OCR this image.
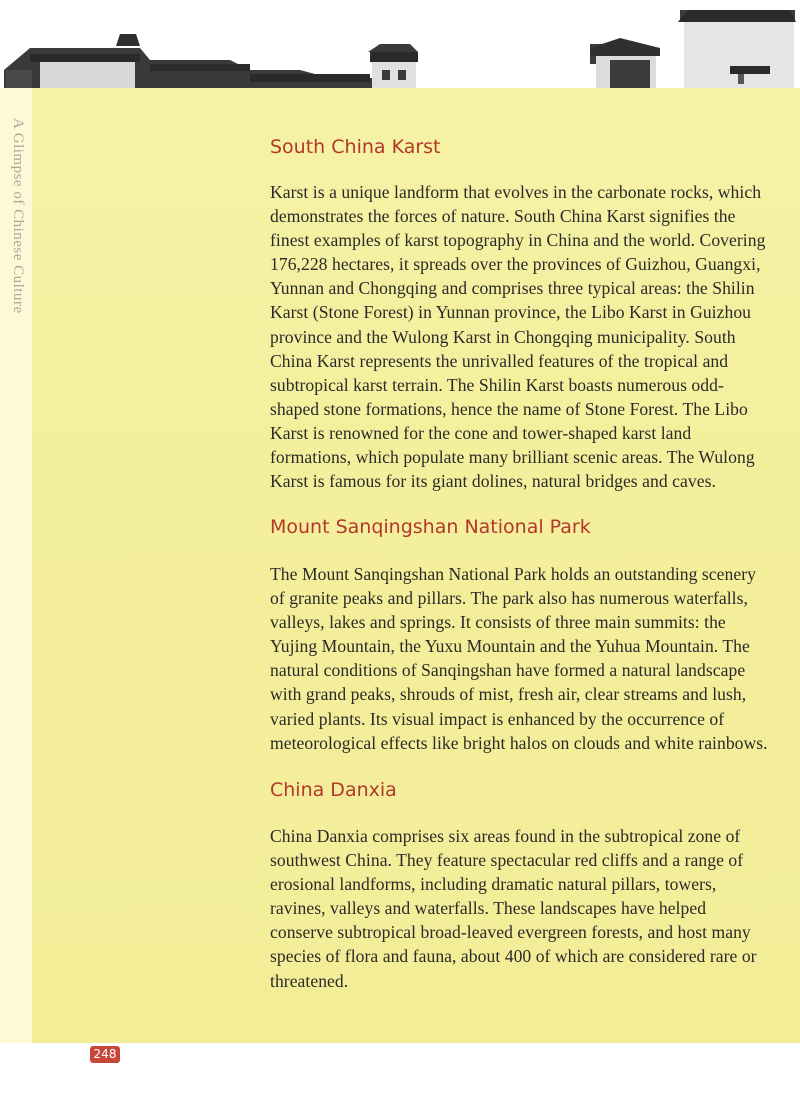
A Glimpse of Chinese Culture	South China Karst

Karst is a unique landform that evolves in the carbonate rocks, which demonstrates the forces of nature. South China Karst signifies the finest examples of karst topography in China and the world. Covering 176,228 hectares, it spreads over the provinces of Guizhou, Guangxi, Yunnan and Chongqing and comprises three typical areas: the Shilin Karst (Stone Forest) in Yunnan province, the Libo Karst in Guizhou province and the Wulong Karst in Chongqing municipality. South China Karst represents the unrivalled features of the tropical and subtropical karst terrain. The Shilin Karst boasts numerous odd-shaped stone formations, hence the name of Stone Forest. The Libo Karst is renowned for the cone and tower-shaped karst land formations, which populate many brilliant scenic areas. The Wulong Karst is famous for its giant dolines, natural bridges and caves.

Mount Sanqingshan National Park

The Mount Sanqingshan National Park holds an outstanding scenery of granite peaks and pillars. The park also has numerous waterfalls, valleys, lakes and springs. It consists of three main summits: the Yujing Mountain, the Yuxu Mountain and the Yuhua Mountain. The natural conditions of Sanqingshan have formed a natural landscape with grand peaks, shrouds of mist, fresh air, clear streams and lush, varied plants. Its visual impact is enhanced by the occurrence of meteorological effects like bright halos on clouds and white rainbows.

China Danxia

China Danxia comprises six areas found in the subtropical zone of southwest China. They feature spectacular red cliffs and a range of erosional landforms, including dramatic natural pillars, towers, ravines, valleys and waterfalls. These landscapes have helped conserve subtropical broad-leaved evergreen forests, and host many species of flora and fauna, about 400 of which are considered rare or threatened.

248
